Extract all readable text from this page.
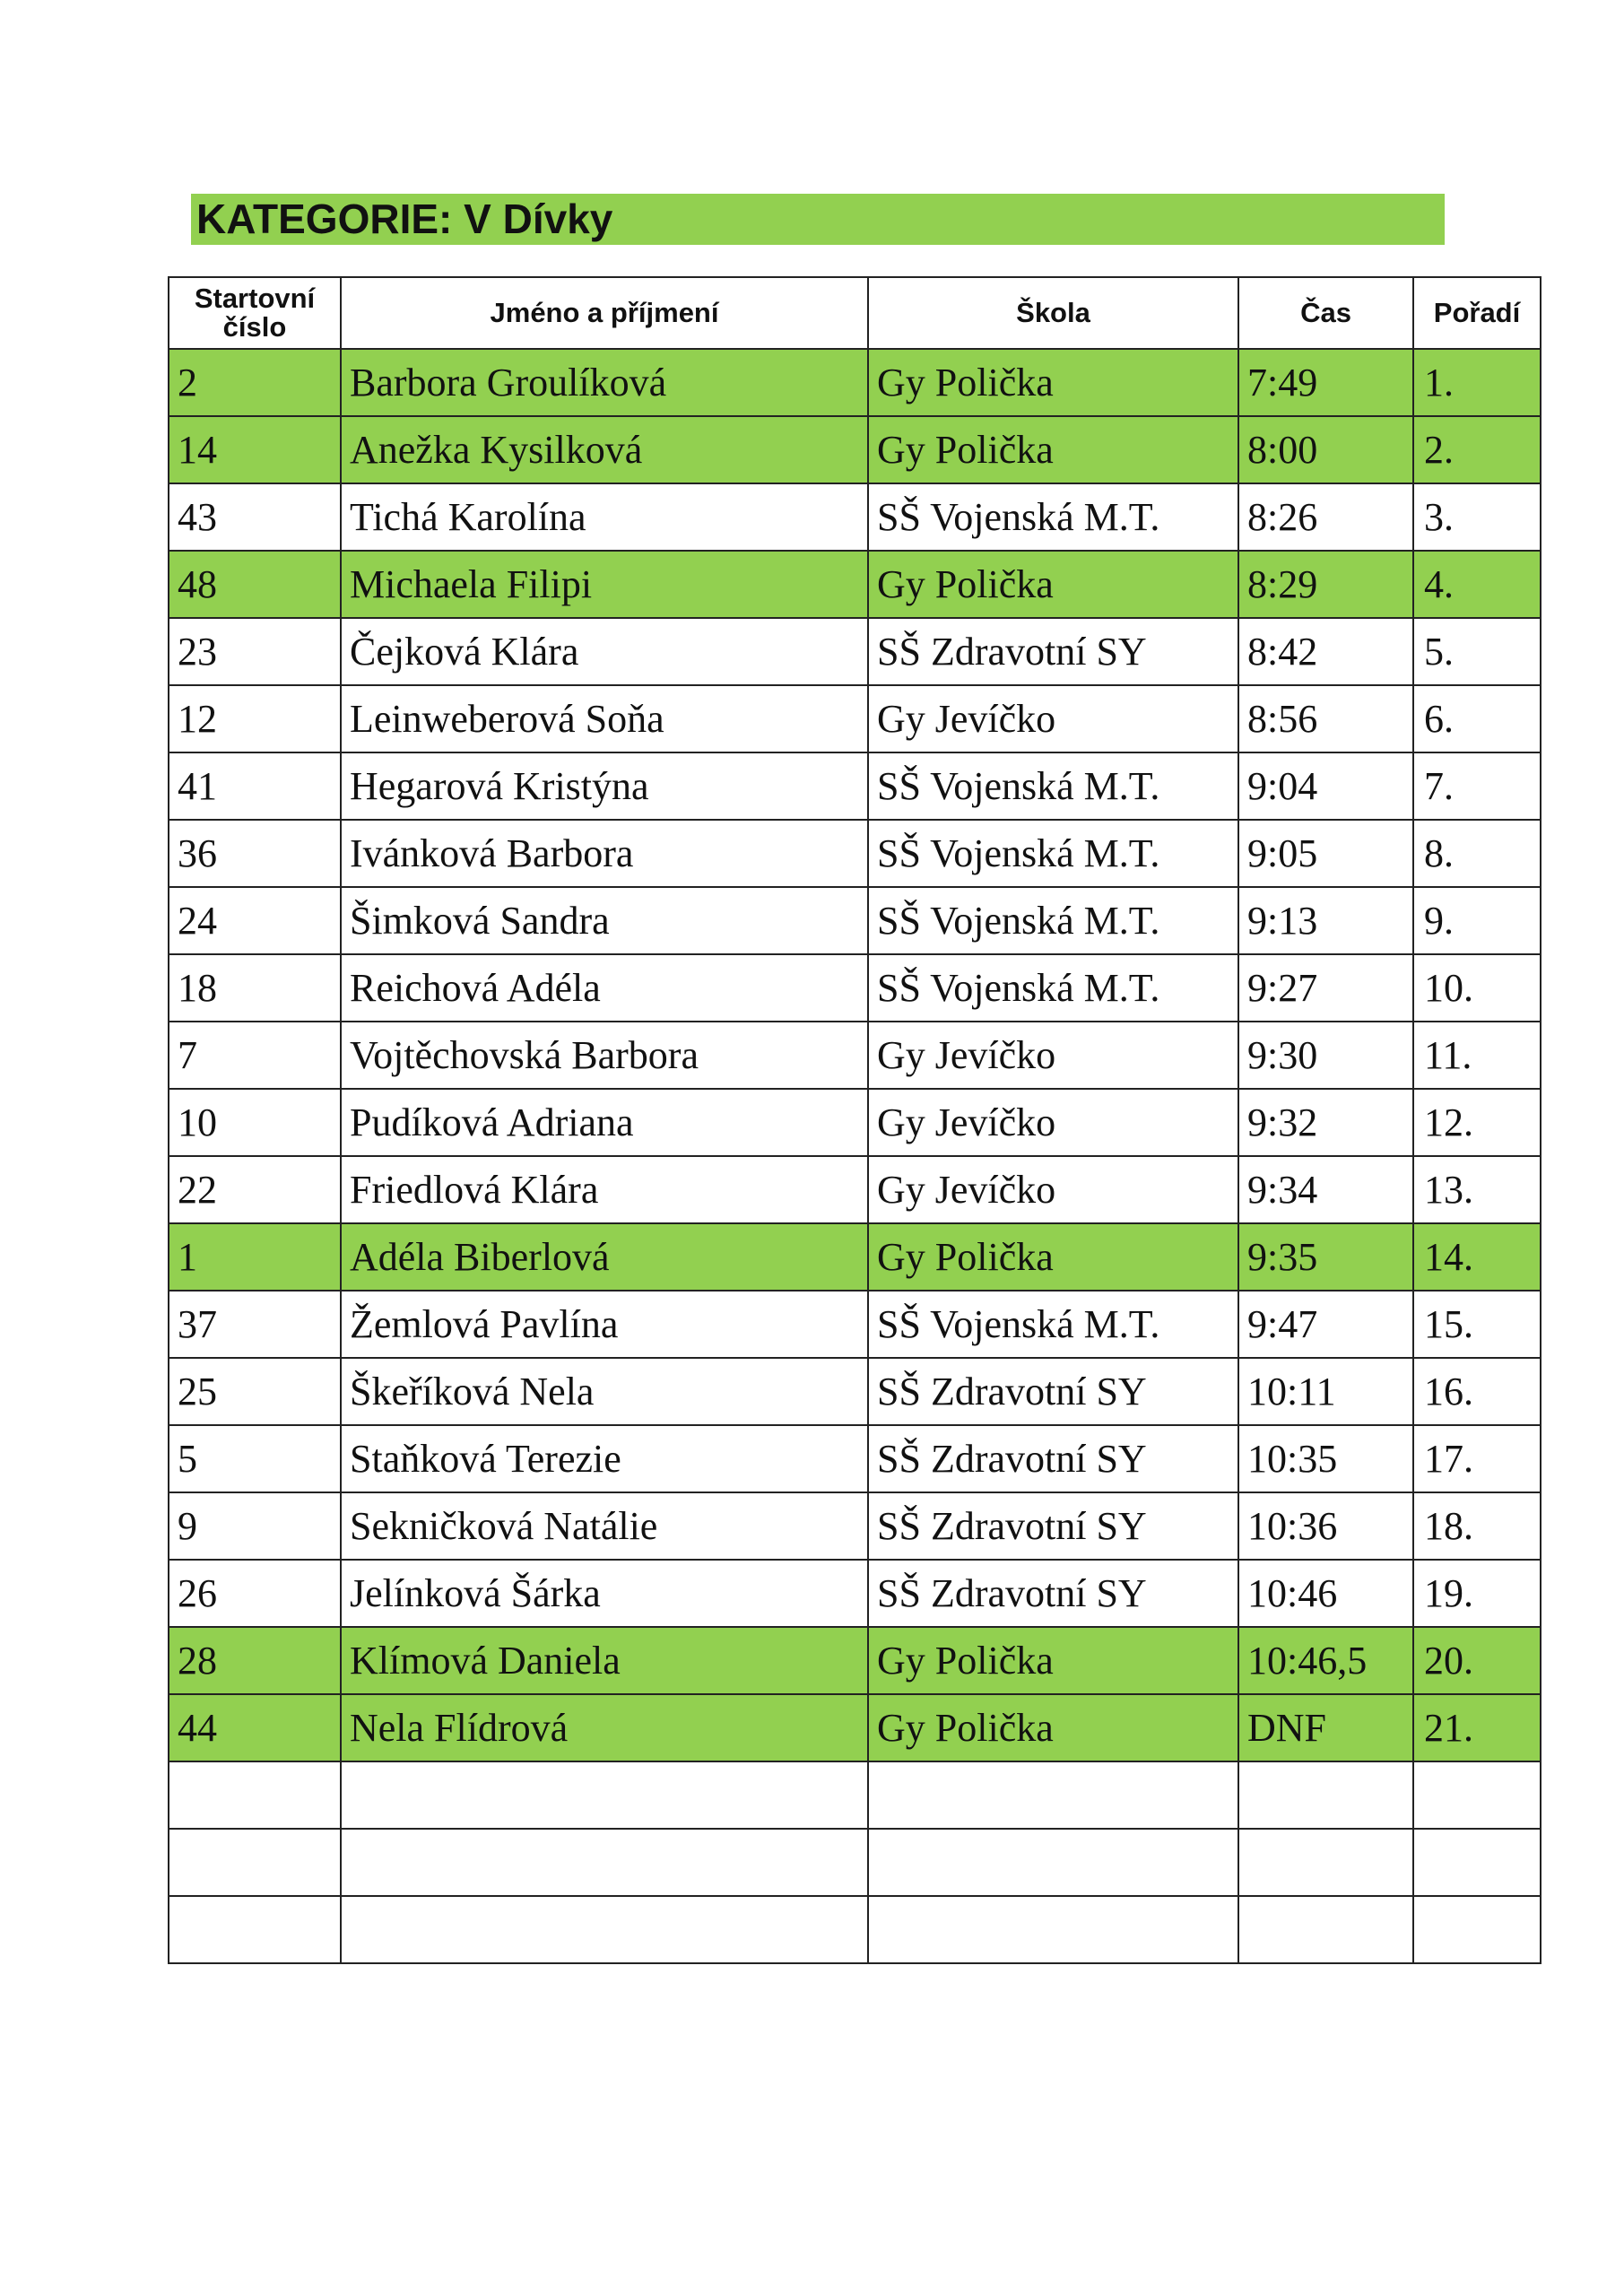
KATEGORIE: V Dívky
Startovní číslo	Jméno a příjmení	Škola	Čas	Pořadí
2	Barbora Groulíková	Gy Polička	7:49	1.
14	Anežka Kysilková	Gy Polička	8:00	2.
43	Tichá Karolína	SŠ Vojenská M.T.	8:26	3.
48	Michaela Filipi	Gy Polička	8:29	4.
23	Čejková Klára	SŠ Zdravotní SY	8:42	5.
12	Leinweberová Soňa	Gy Jevíčko	8:56	6.
41	Hegarová Kristýna	SŠ Vojenská M.T.	9:04	7.
36	Ivánková Barbora	SŠ Vojenská M.T.	9:05	8.
24	Šimková Sandra	SŠ Vojenská M.T.	9:13	9.
18	Reichová Adéla	SŠ Vojenská M.T.	9:27	10.
7	Vojtěchovská Barbora	Gy Jevíčko	9:30	11.
10	Pudíková Adriana	Gy Jevíčko	9:32	12.
22	Friedlová Klára	Gy Jevíčko	9:34	13.
1	Adéla Biberlová	Gy Polička	9:35	14.
37	Žemlová Pavlína	SŠ Vojenská M.T.	9:47	15.
25	Škeříková Nela	SŠ Zdravotní SY	10:11	16.
5	Staňková Terezie	SŠ Zdravotní SY	10:35	17.
9	Sekničková Natálie	SŠ Zdravotní SY	10:36	18.
26	Jelínková Šárka	SŠ Zdravotní SY	10:46	19.
28	Klímová Daniela	Gy Polička	10:46,5	20.
44	Nela Flídrová	Gy Polička	DNF	21.
